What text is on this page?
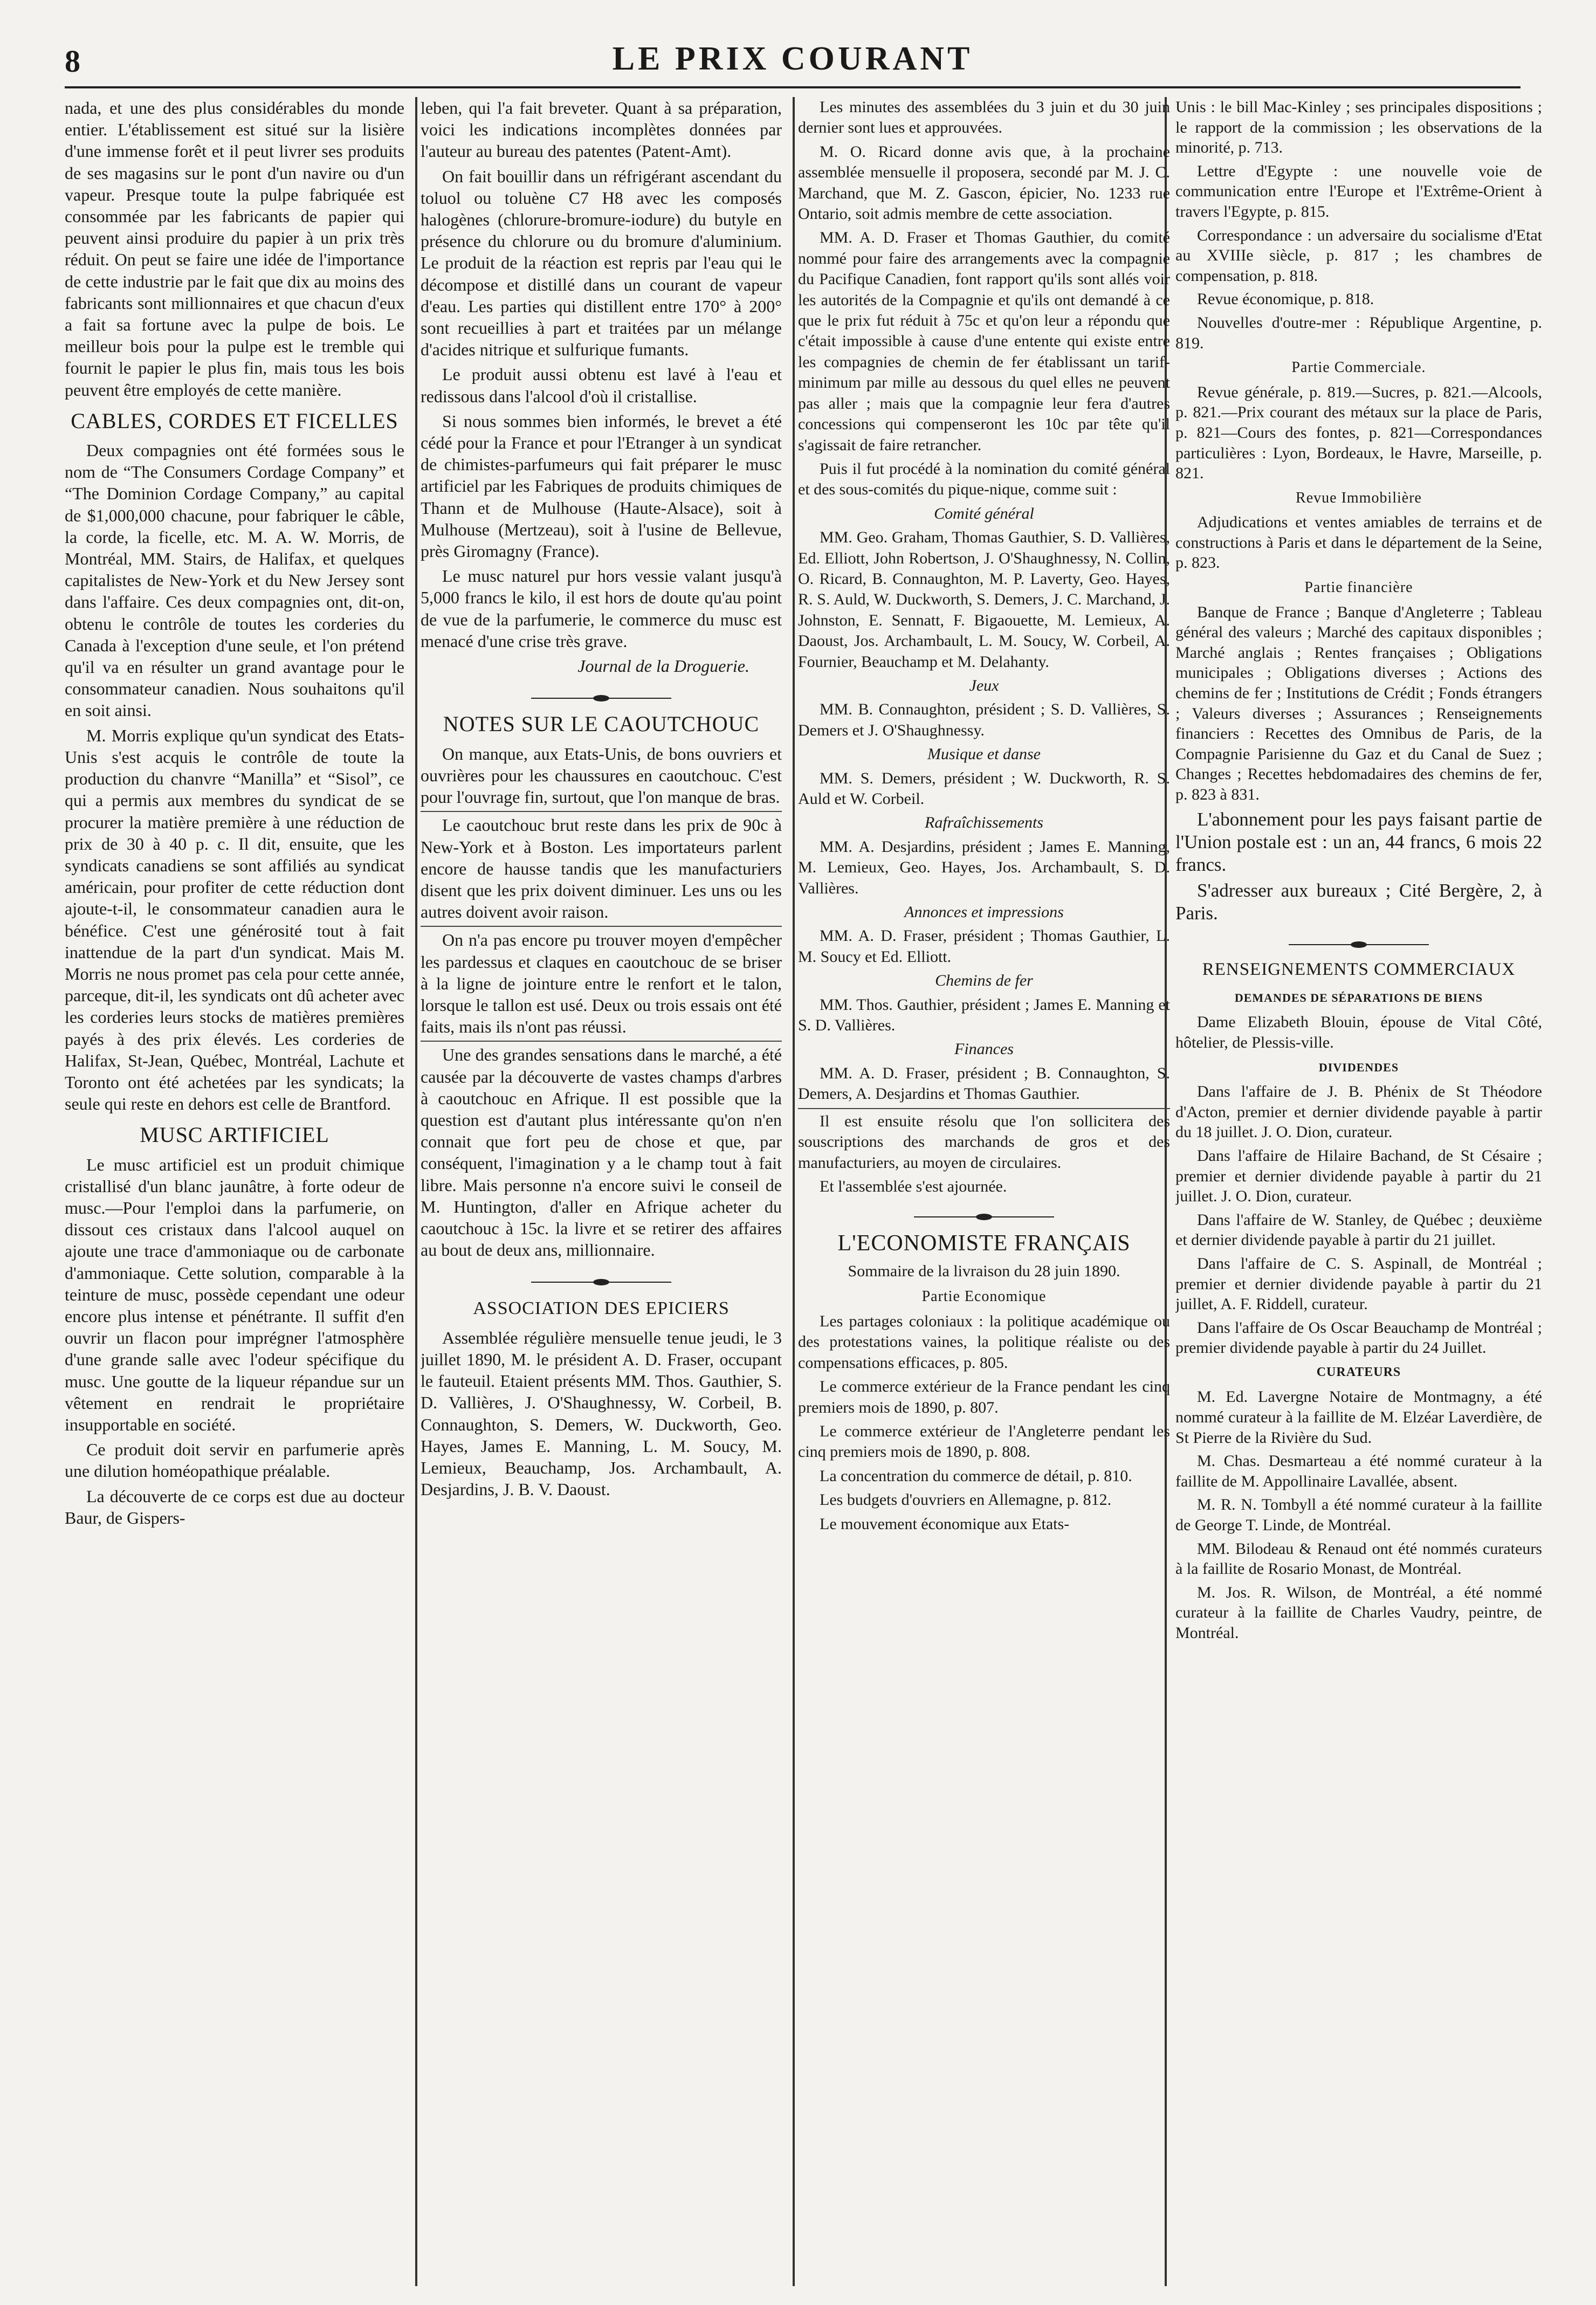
8	LE PRIX COURANT

nada, et une des plus considérables du monde entier. L'établissement est situé sur la lisière d'une immense forêt et il peut livrer ses produits de ses magasins sur le pont d'un navire ou d'un vapeur. Presque toute la pulpe fabriquée est consommée par les fabricants de papier qui peuvent ainsi produire du papier à un prix très réduit. On peut se faire une idée de l'importance de cette industrie par le fait que dix au moins des fabricants sont millionnaires et que chacun d'eux a fait sa fortune avec la pulpe de bois. Le meilleur bois pour la pulpe est le tremble qui fournit le papier le plus fin, mais tous les bois peuvent être employés de cette manière.

CABLES, CORDES ET FICELLES

Deux compagnies ont été formées sous le nom de “The Consumers Cordage Company” et “The Dominion Cordage Company,” au capital de $1,000,000 chacune, pour fabriquer le câble, la corde, la ficelle, etc. M. A. W. Morris, de Montréal, MM. Stairs, de Halifax, et quelques capitalistes de New-York et du New Jersey sont dans l'affaire. Ces deux compagnies ont, dit-on, obtenu le contrôle de toutes les corderies du Canada à l'exception d'une seule, et l'on prétend qu'il va en résulter un grand avantage pour le consommateur canadien. Nous souhaitons qu'il en soit ainsi.

M. Morris explique qu'un syndicat des Etats-Unis s'est acquis le contrôle de toute la production du chanvre “Manilla” et “Sisol”, ce qui a permis aux membres du syndicat de se procurer la matière première à une réduction de prix de 30 à 40 p. c. Il dit, ensuite, que les syndicats canadiens se sont affiliés au syndicat américain, pour profiter de cette réduction dont ajoute-t-il, le consommateur canadien aura le bénéfice. C'est une générosité tout à fait inattendue de la part d'un syndicat. Mais M. Morris ne nous promet pas cela pour cette année, parceque, dit-il, les syndicats ont dû acheter avec les corderies leurs stocks de matières premières payés à des prix élevés. Les corderies de Halifax, St-Jean, Québec, Montréal, Lachute et Toronto ont été achetées par les syndicats; la seule qui reste en dehors est celle de Brantford.

MUSC ARTIFICIEL

Le musc artificiel est un produit chimique cristallisé d'un blanc jaunâtre, à forte odeur de musc.—Pour l'emploi dans la parfumerie, on dissout ces cristaux dans l'alcool auquel on ajoute une trace d'ammoniaque ou de carbonate d'ammoniaque. Cette solution, comparable à la teinture de musc, possède cependant une odeur encore plus intense et pénétrante. Il suffit d'en ouvrir un flacon pour imprégner l'atmosphère d'une grande salle avec l'odeur spécifique du musc. Une goutte de la liqueur répandue sur un vêtement en rendrait le propriétaire insupportable en société.

Ce produit doit servir en parfumerie après une dilution homéopathique préalable.

La découverte de ce corps est due au docteur Baur, de Gispers-

leben, qui l'a fait breveter. Quant à sa préparation, voici les indications incomplètes données par l'auteur au bureau des patentes (Patent-Amt).

On fait bouillir dans un réfrigérant ascendant du toluol ou toluène C7 H8 avec les composés halogènes (chlorure-bromure-iodure) du butyle en présence du chlorure ou du bromure d'aluminium. Le produit de la réaction est repris par l'eau qui le décompose et distillé dans un courant de vapeur d'eau. Les parties qui distillent entre 170° à 200° sont recueillies à part et traitées par un mélange d'acides nitrique et sulfurique fumants.

Le produit aussi obtenu est lavé à l'eau et redissous dans l'alcool d'où il cristallise.

Si nous sommes bien informés, le brevet a été cédé pour la France et pour l'Etranger à un syndicat de chimistes-parfumeurs qui fait préparer le musc artificiel par les Fabriques de produits chimiques de Thann et de Mulhouse (Haute-Alsace), soit à Mulhouse (Mertzeau), soit à l'usine de Bellevue, près Giromagny (France).

Le musc naturel pur hors vessie valant jusqu'à 5,000 francs le kilo, il est hors de doute qu'au point de vue de la parfumerie, le commerce du musc est menacé d'une crise très grave.

Journal de la Droguerie.
NOTES SUR LE CAOUTCHOUC

On manque, aux Etats-Unis, de bons ouvriers et ouvrières pour les chaussures en caoutchouc. C'est pour l'ouvrage fin, surtout, que l'on manque de bras.

Le caoutchouc brut reste dans les prix de 90c à New-York et à Boston. Les importateurs parlent encore de hausse tandis que les manufacturiers disent que les prix doivent diminuer. Les uns ou les autres doivent avoir raison.

On n'a pas encore pu trouver moyen d'empêcher les pardessus et claques en caoutchouc de se briser à la ligne de jointure entre le renfort et le talon, lorsque le tallon est usé. Deux ou trois essais ont été faits, mais ils n'ont pas réussi.

Une des grandes sensations dans le marché, a été causée par la découverte de vastes champs d'arbres à caoutchouc en Afrique. Il est possible que la question est d'autant plus intéressante qu'on n'en connait que fort peu de chose et que, par conséquent, l'imagination y a le champ tout à fait libre. Mais personne n'a encore suivi le conseil de M. Huntington, d'aller en Afrique acheter du caoutchouc à 15c. la livre et se retirer des affaires au bout de deux ans, millionnaire.

ASSOCIATION DES EPICIERS

Assemblée régulière mensuelle tenue jeudi, le 3 juillet 1890, M. le président A. D. Fraser, occupant le fauteuil. Etaient présents MM. Thos. Gauthier, S. D. Vallières, J. O'Shaughnessy, W. Corbeil, B. Connaughton, S. Demers, W. Duckworth, Geo. Hayes, James E. Manning, L. M. Soucy, M. Lemieux, Beauchamp, Jos. Archambault, A. Desjardins, J. B. V. Daoust.

Les minutes des assemblées du 3 juin et du 30 juin dernier sont lues et approuvées.

M. O. Ricard donne avis que, à la prochaine assemblée mensuelle il proposera, secondé par M. J. C. Marchand, que M. Z. Gascon, épicier, No. 1233 rue Ontario, soit admis membre de cette association.

MM. A. D. Fraser et Thomas Gauthier, du comité nommé pour faire des arrangements avec la compagnie du Pacifique Canadien, font rapport qu'ils sont allés voir les autorités de la Compagnie et qu'ils ont demandé à ce que le prix fut réduit à 75c et qu'on leur a répondu que c'était impossible à cause d'une entente qui existe entre les compagnies de chemin de fer établissant un tarif-minimum par mille au dessous du quel elles ne peuvent pas aller ; mais que la compagnie leur fera d'autres concessions qui compenseront les 10c par tête qu'il s'agissait de faire retrancher.

Puis il fut procédé à la nomination du comité général et des sous-comités du pique-nique, comme suit :

Comité général

MM. Geo. Graham, Thomas Gauthier, S. D. Vallières, Ed. Elliott, John Robertson, J. O'Shaughnessy, N. Collin, O. Ricard, B. Connaughton, M. P. Laverty, Geo. Hayes, R. S. Auld, W. Duckworth, S. Demers, J. C. Marchand, J. Johnston, E. Sennatt, F. Bigaouette, M. Lemieux, A. Daoust, Jos. Archambault, L. M. Soucy, W. Corbeil, A. Fournier, Beauchamp et M. Delahanty.

Jeux

MM. B. Connaughton, président ; S. D. Vallières, S. Demers et J. O'Shaughnessy.

Musique et danse

MM. S. Demers, président ; W. Duckworth, R. S. Auld et W. Corbeil.

Rafraîchissements

MM. A. Desjardins, président ; James E. Manning, M. Lemieux, Geo. Hayes, Jos. Archambault, S. D. Vallières.

Annonces et impressions

MM. A. D. Fraser, président ; Thomas Gauthier, L. M. Soucy et Ed. Elliott.

Chemins de fer

MM. Thos. Gauthier, président ; James E. Manning et S. D. Vallières.

Finances

MM. A. D. Fraser, président ; B. Connaughton, S. Demers, A. Desjardins et Thomas Gauthier.

Il est ensuite résolu que l'on sollicitera des souscriptions des marchands de gros et des manufacturiers, au moyen de circulaires.

Et l'assemblée s'est ajournée.

L'ECONOMISTE FRANÇAIS

Sommaire de la livraison du 28 juin 1890.

Partie Economique

Les partages coloniaux : la politique académique ou des protestations vaines, la politique réaliste ou des compensations efficaces, p. 805.

Le commerce extérieur de la France pendant les cinq premiers mois de 1890, p. 807.

Le commerce extérieur de l'Angleterre pendant les cinq premiers mois de 1890, p. 808.

La concentration du commerce de détail, p. 810.

Les budgets d'ouvriers en Allemagne, p. 812.

Le mouvement économique aux Etats-

Unis : le bill Mac-Kinley ; ses principales dispositions ; le rapport de la commission ; les observations de la minorité, p. 713.

Lettre d'Egypte : une nouvelle voie de communication entre l'Europe et l'Extrême-Orient à travers l'Egypte, p. 815.

Correspondance : un adversaire du socialisme d'Etat au XVIIIe siècle, p. 817 ; les chambres de compensation, p. 818.

Revue économique, p. 818.

Nouvelles d'outre-mer : République Argentine, p. 819.

Partie Commerciale.

Revue générale, p. 819.—Sucres, p. 821.—Alcools, p. 821.—Prix courant des métaux sur la place de Paris, p. 821—Cours des fontes, p. 821—Correspondances particulières : Lyon, Bordeaux, le Havre, Marseille, p. 821.

Revue Immobilière

Adjudications et ventes amiables de terrains et de constructions à Paris et dans le département de la Seine, p. 823.

Partie financière

Banque de France ; Banque d'Angleterre ; Tableau général des valeurs ; Marché des capitaux disponibles ; Marché anglais ; Rentes françaises ; Obligations municipales ; Obligations diverses ; Actions des chemins de fer ; Institutions de Crédit ; Fonds étrangers ; Valeurs diverses ; Assurances ; Renseignements financiers : Recettes des Omnibus de Paris, de la Compagnie Parisienne du Gaz et du Canal de Suez ; Changes ; Recettes hebdomadaires des chemins de fer, p. 823 à 831.

L'abonnement pour les pays faisant partie de l'Union postale est : un an, 44 francs, 6 mois 22 francs.

S'adresser aux bureaux ; Cité Bergère, 2, à Paris.

RENSEIGNEMENTS COMMERCIAUX
DEMANDES DE SÉPARATIONS DE BIENS

Dame Elizabeth Blouin, épouse de Vital Côté, hôtelier, de Plessis-ville.

DIVIDENDES

Dans l'affaire de J. B. Phénix de St Théodore d'Acton, premier et dernier dividende payable à partir du 18 juillet. J. O. Dion, curateur.

Dans l'affaire de Hilaire Bachand, de St Césaire ; premier et dernier dividende payable à partir du 21 juillet. J. O. Dion, curateur.

Dans l'affaire de W. Stanley, de Québec ; deuxième et dernier dividende payable à partir du 21 juillet.

Dans l'affaire de C. S. Aspinall, de Montréal ; premier et dernier dividende payable à partir du 21 juillet, A. F. Riddell, curateur.

Dans l'affaire de Os Oscar Beauchamp de Montréal ; premier dividende payable à partir du 24 Juillet.

CURATEURS

M. Ed. Lavergne Notaire de Montmagny, a été nommé curateur à la faillite de M. Elzéar Laverdière, de St Pierre de la Rivière du Sud.

M. Chas. Desmarteau a été nommé curateur à la faillite de M. Appollinaire Lavallée, absent.

M. R. N. Tombyll a été nommé curateur à la faillite de George T. Linde, de Montréal.

MM. Bilodeau & Renaud ont été nommés curateurs à la faillite de Rosario Monast, de Montréal.

M. Jos. R. Wilson, de Montréal, a été nommé curateur à la faillite de Charles Vaudry, peintre, de Montréal.
